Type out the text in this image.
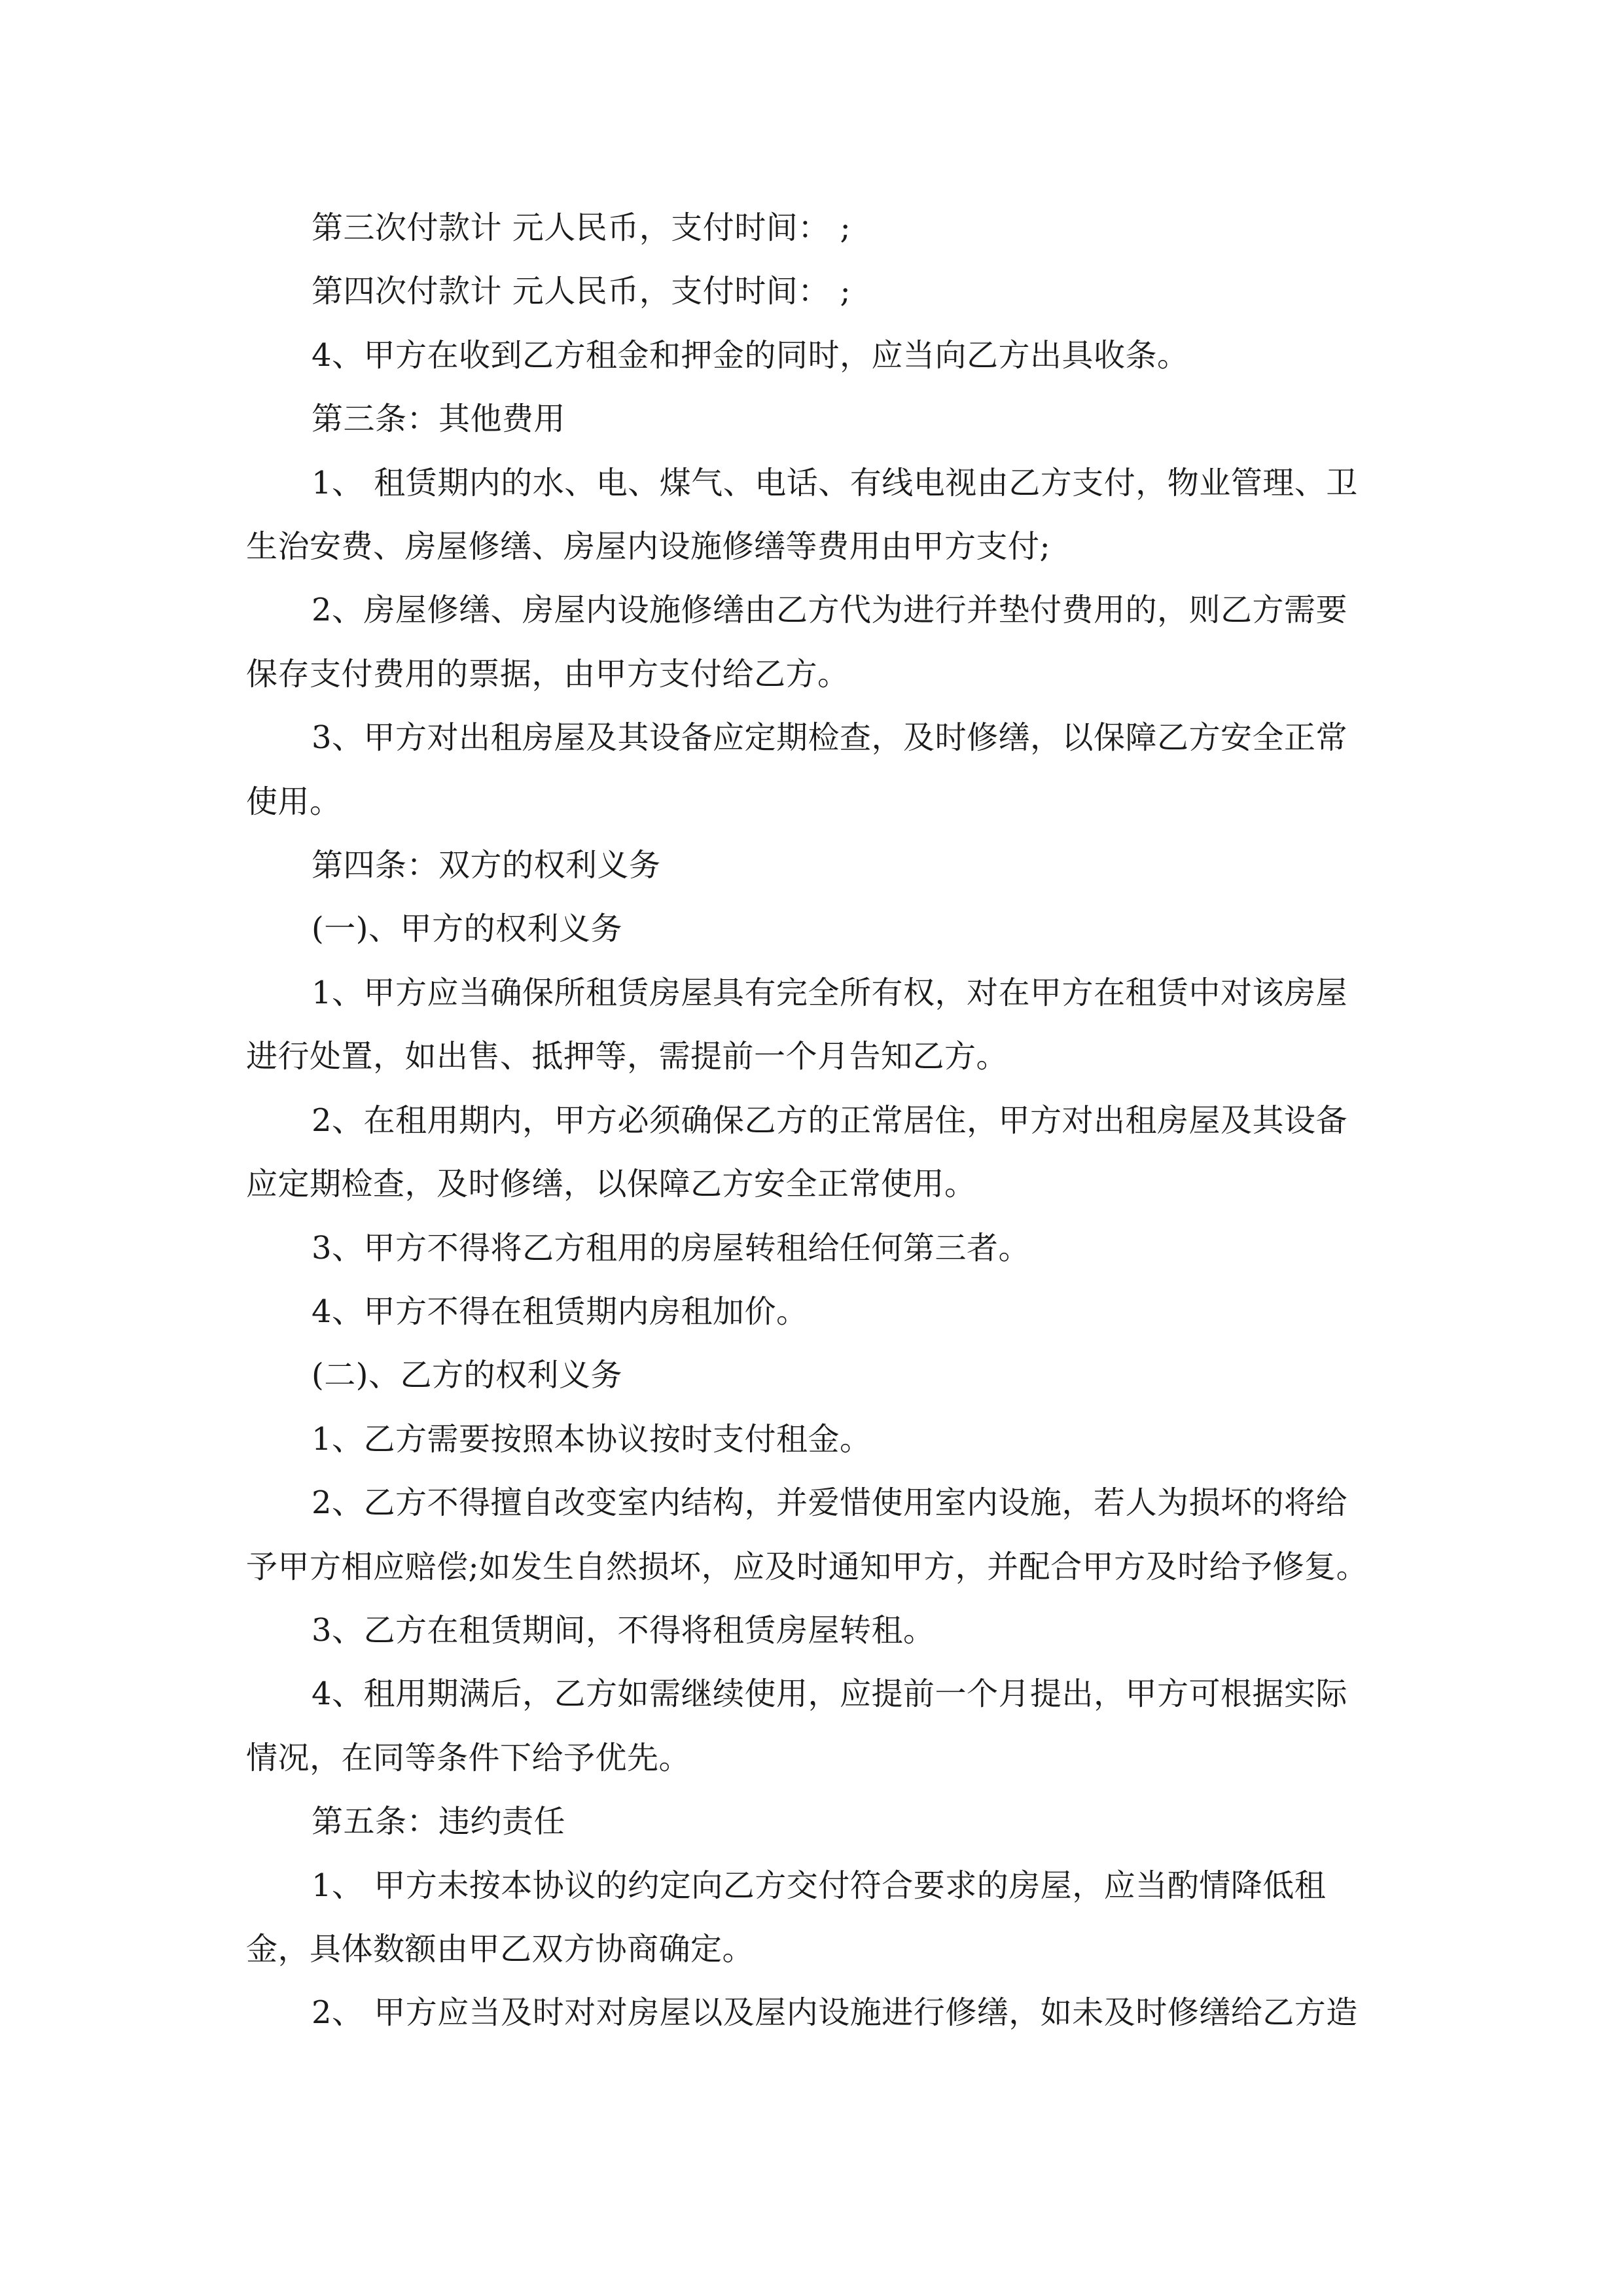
第三次付款计 元人民币，支付时间： ;

第四次付款计 元人民币，支付时间： ;

4、甲方在收到乙方租金和押金的同时，应当向乙方出具收条。

第三条：其他费用

1、 租赁期内的水、电、煤气、电话、有线电视由乙方支付，物业管理、卫生治安费、房屋修缮、房屋内设施修缮等费用由甲方支付;

2、房屋修缮、房屋内设施修缮由乙方代为进行并垫付费用的，则乙方需要保存支付费用的票据，由甲方支付给乙方。

3、甲方对出租房屋及其设备应定期检查，及时修缮，以保障乙方安全正常使用。

第四条：双方的权利义务

(一)、甲方的权利义务

1、甲方应当确保所租赁房屋具有完全所有权，对在甲方在租赁中对该房屋进行处置，如出售、抵押等，需提前一个月告知乙方。

2、在租用期内，甲方必须确保乙方的正常居住，甲方对出租房屋及其设备应定期检查，及时修缮，以保障乙方安全正常使用。

3、甲方不得将乙方租用的房屋转租给任何第三者。

4、甲方不得在租赁期内房租加价。

(二)、乙方的权利义务

1、乙方需要按照本协议按时支付租金。

2、乙方不得擅自改变室内结构，并爱惜使用室内设施，若人为损坏的将给予甲方相应赔偿;如发生自然损坏，应及时通知甲方，并配合甲方及时给予修复。

3、乙方在租赁期间，不得将租赁房屋转租。

4、租用期满后，乙方如需继续使用，应提前一个月提出，甲方可根据实际情况，在同等条件下给予优先。

第五条：违约责任

1、 甲方未按本协议的约定向乙方交付符合要求的房屋，应当酌情降低租金，具体数额由甲乙双方协商确定。

2、 甲方应当及时对对房屋以及屋内设施进行修缮，如未及时修缮给乙方造
